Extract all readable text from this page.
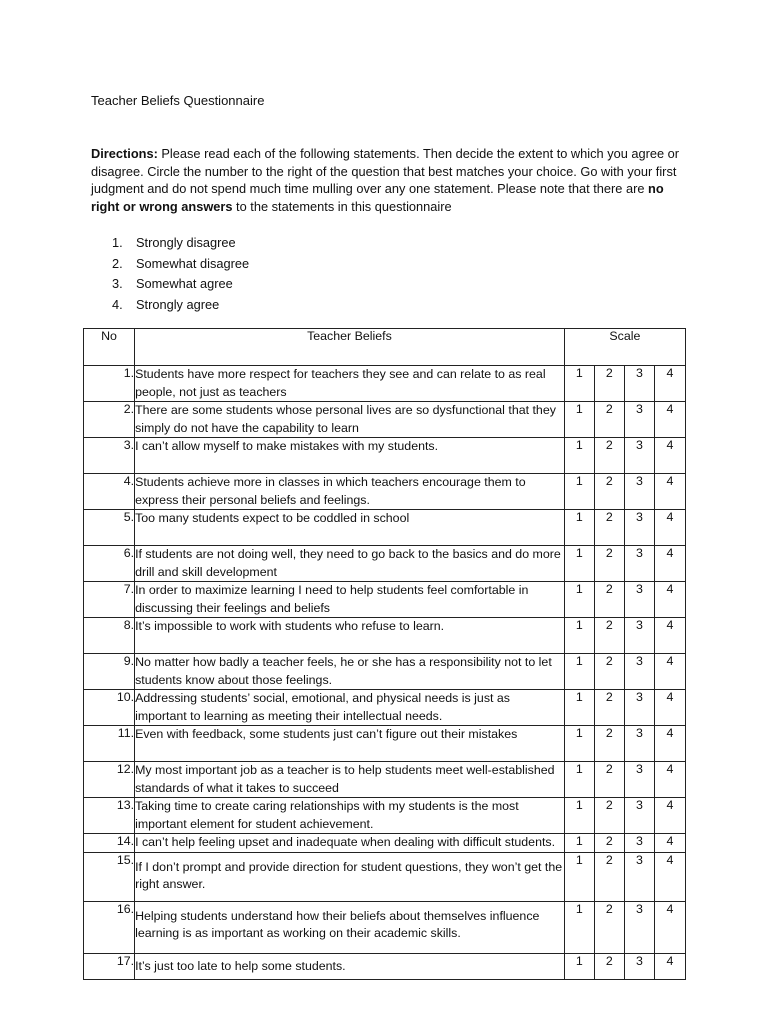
Teacher Beliefs Questionnaire
Directions: Please read each of the following statements. Then decide the extent to which you agree or disagree. Circle the number to the right of the question that best matches your choice. Go with your first judgment and do not spend much time mulling over any one statement. Please note that there are no right or wrong answers to the statements in this questionnaire
1.	Strongly disagree
2.	Somewhat disagree
3.	Somewhat agree
4.	Strongly agree
No	Teacher Beliefs	Scale			
1.	Students have more respect for teachers they see and can relate to as real people, not just as teachers	1	2	3	4
2.	There are some students whose personal lives are so dysfunctional that they simply do not have the capability to learn	1	2	3	4
3.	I can’t allow myself to make mistakes with my students.	1	2	3	4
4.	Students achieve more in classes in which teachers encourage them to express their personal beliefs and feelings.	1	2	3	4
5.	Too many students expect to be coddled in school	1	2	3	4
6.	If students are not doing well, they need to go back to the basics and do more drill and skill development	1	2	3	4
7.	In order to maximize learning I need to help students feel comfortable in discussing their feelings and beliefs	1	2	3	4
8.	It’s impossible to work with students who refuse to learn.	1	2	3	4
9.	No matter how badly a teacher feels, he or she has a responsibility not to let students know about those feelings.	1	2	3	4
10.	Addressing students’ social, emotional, and physical needs is just as important to learning as meeting their intellectual needs.	1	2	3	4
11.	Even with feedback, some students just can’t figure out their mistakes	1	2	3	4
12.	My most important job as a teacher is to help students meet well-established standards of what it takes to succeed	1	2	3	4
13.	Taking time to create caring relationships with my students is the most important element for student achievement.	1	2	3	4
14.	I can’t help feeling upset and inadequate when dealing with difficult students.	1	2	3	4
15.	If I don’t prompt and provide direction for student questions, they won’t get the right answer.	1	2	3	4
16.	Helping students understand how their beliefs about themselves influence learning is as important as working on their academic skills.	1	2	3	4
17.	It’s just too late to help some students.	1	2	3	4
